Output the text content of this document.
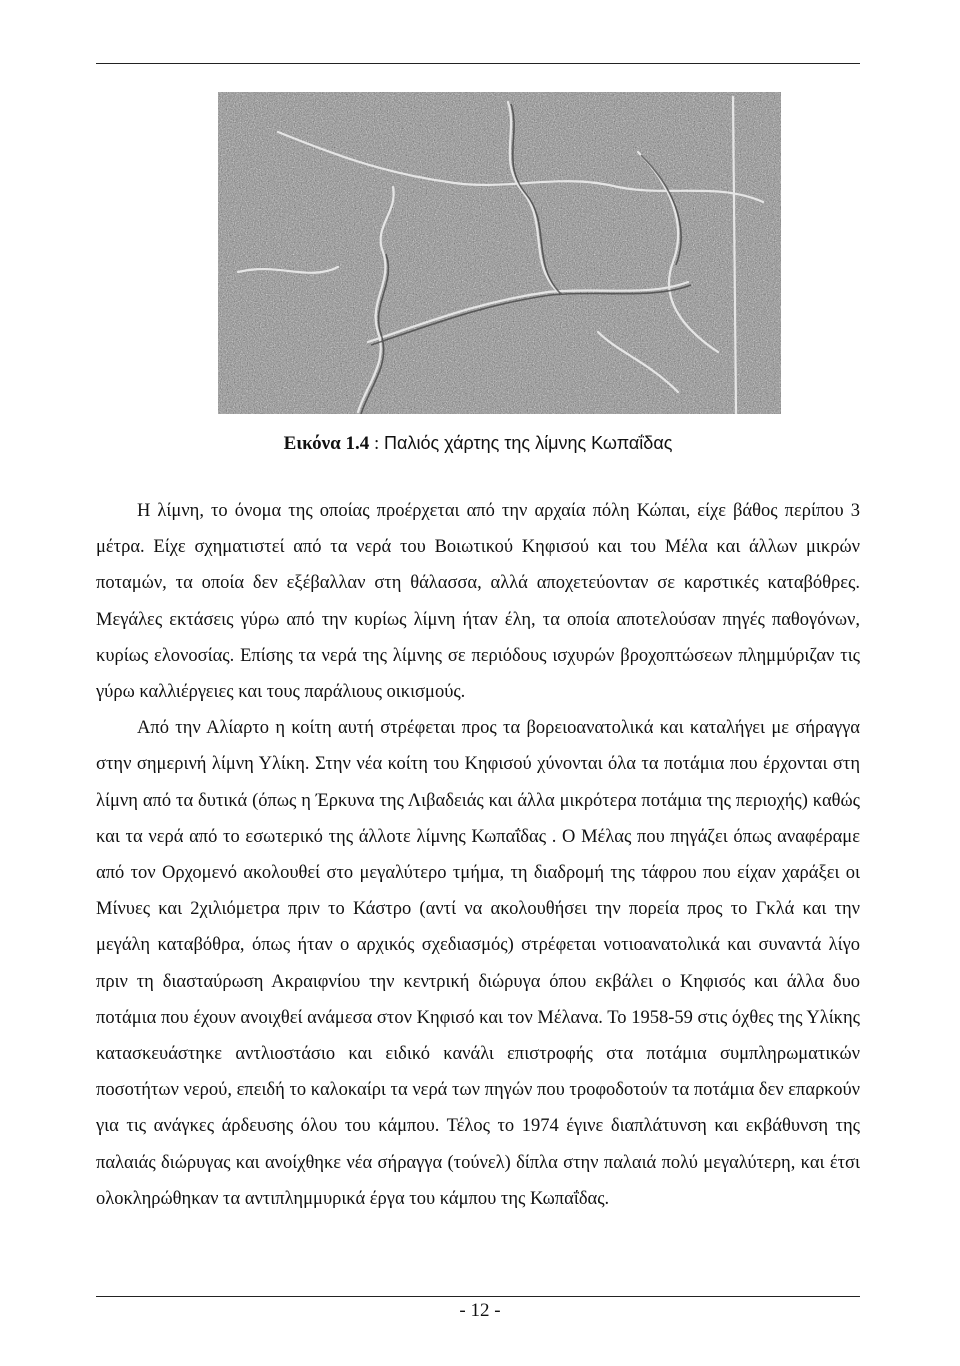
Εικόνα 1.4 : Παλιός χάρτης της λίμνης Κωπαΐδας

Η λίμνη, το όνομα της οποίας προέρχεται από την αρχαία πόλη Κώπαι, είχε βάθος περίπου 3 μέτρα. Είχε σχηματιστεί από τα νερά του Βοιωτικού Κηφισού και του Μέλα και άλλων μικρών ποταμών, τα οποία δεν εξέβαλλαν στη θάλασσα, αλλά αποχετεύονταν σε καρστικές καταβόθρες. Μεγάλες εκτάσεις γύρω από την κυρίως λίμνη ήταν έλη, τα οποία αποτελούσαν πηγές παθογόνων, κυρίως ελονοσίας. Επίσης τα νερά της λίμνης σε περιόδους ισχυρών βροχοπτώσεων πλημμύριζαν τις γύρω καλλιέργειες και τους παράλιους οικισμούς.

Από την Αλίαρτο η κοίτη αυτή στρέφεται προς τα βορειοανατολικά και καταλήγει με σήραγγα στην σημερινή λίμνη Υλίκη. Στην νέα κοίτη του Κηφισού χύνονται όλα τα ποτάμια που έρχονται στη λίμνη από τα δυτικά (όπως η Έρκυνα της Λιβαδειάς και άλλα μικρότερα ποτάμια της περιοχής) καθώς και τα νερά από το εσωτερικό της άλλοτε λίμνης Κωπαΐδας . Ο Μέλας που πηγάζει όπως αναφέραμε από τον Ορχομενό ακολουθεί στο μεγαλύτερο τμήμα, τη διαδρομή της τάφρου που είχαν χαράξει οι Μίνυες και 2χιλιόμετρα πριν το Κάστρο (αντί να ακολουθήσει την πορεία προς το Γκλά και την μεγάλη καταβόθρα, όπως ήταν ο αρχικός σχεδιασμός) στρέφεται νοτιοανατολικά και συναντά λίγο πριν τη διασταύρωση Ακραιφνίου την κεντρική διώρυγα όπου εκβάλει ο Κηφισός και άλλα δυο ποτάμια που έχουν ανοιχθεί ανάμεσα στον Κηφισό και τον Μέλανα. Το 1958-59 στις όχθες της Υλίκης κατασκευάστηκε αντλιοστάσιο και ειδικό κανάλι επιστροφής στα ποτάμια συμπληρωματικών ποσοτήτων νερού, επειδή το καλοκαίρι τα νερά των πηγών που τροφοδοτούν τα ποτάμια δεν επαρκούν για τις ανάγκες άρδευσης όλου του κάμπου. Τέλος το 1974 έγινε διαπλάτυνση και εκβάθυνση της παλαιάς διώρυγας και ανοίχθηκε νέα σήραγγα (τούνελ) δίπλα στην παλαιά πολύ μεγαλύτερη, και έτσι ολοκληρώθηκαν τα αντιπλημμυρικά έργα του κάμπου της Κωπαΐδας.

- 12 -
